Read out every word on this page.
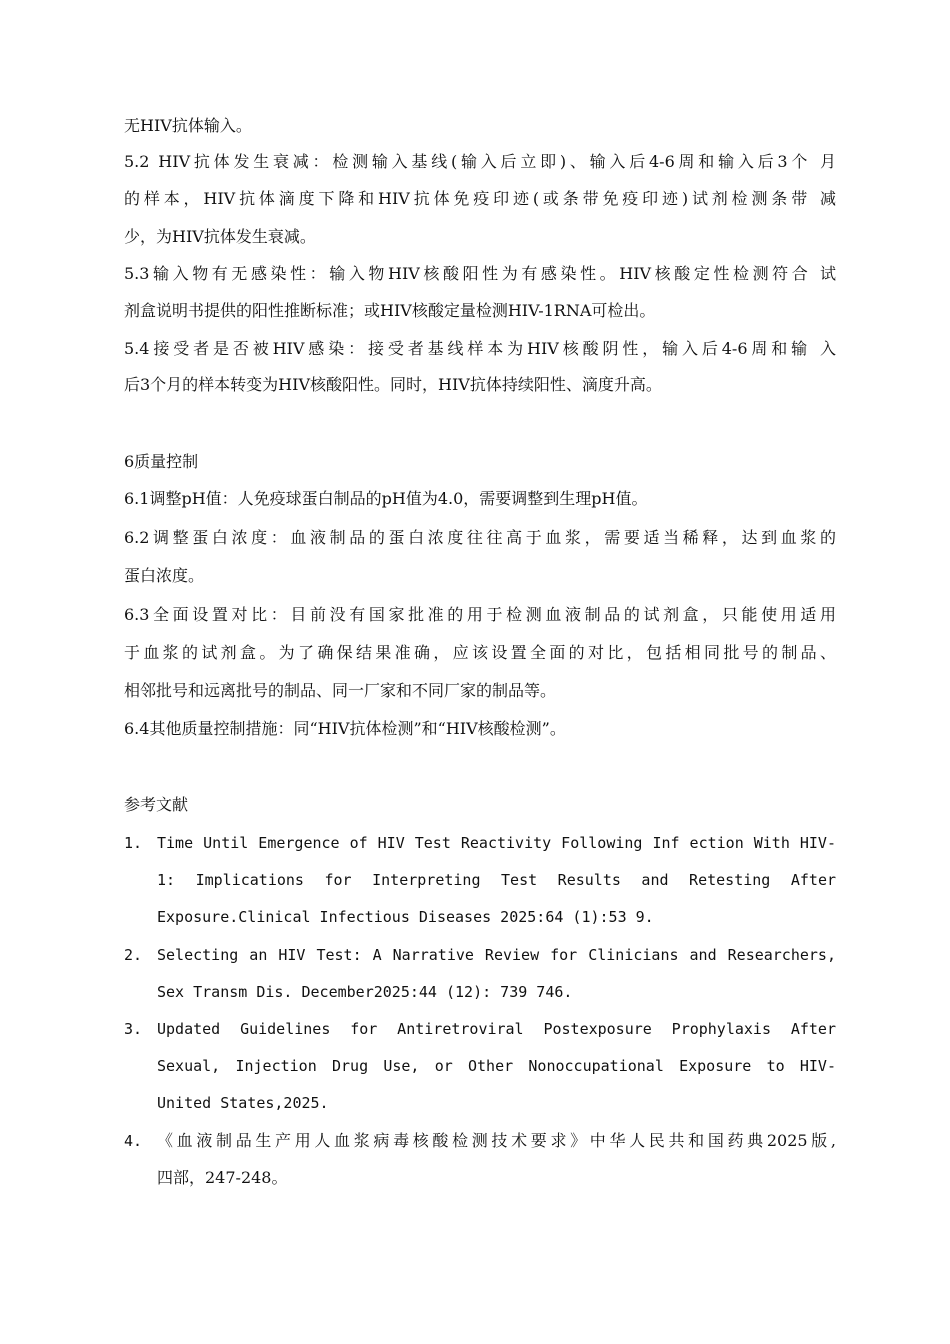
无HIV抗体输入。
5.2 HIV抗体发生衰减：检测输入基线(输入后立即)、输入后4-6周和输入后3个 月
的样本，HIV抗体滴度下降和HIV抗体免疫印迹(或条带免疫印迹)试剂检测条带 减
少，为HIV抗体发生衰减。
5.3输入物有无感染性：输入物HIV核酸阳性为有感染性。HIV核酸定性检测符合 试
剂盒说明书提供的阳性推断标准；或HIV核酸定量检测HIV-1RNA可检出。
5.4接受者是否被HIV感染：接受者基线样本为HIV核酸阴性，输入后4-6周和输 入
后3个月的样本转变为HIV核酸阳性。同时，HIV抗体持续阳性、滴度升高。
6质量控制
6.1调整pH值：人免疫球蛋白制品的pH值为4.0，需要调整到生理pH值。
6.2调整蛋白浓度：血液制品的蛋白浓度往往高于血浆，需要适当稀释，达到血浆的
蛋白浓度。
6.3全面设置对比：目前没有国家批准的用于检测血液制品的试剂盒，只能使用适用
于血浆的试剂盒。为了确保结果准确，应该设置全面的对比，包括相同批号的制品、
相邻批号和远离批号的制品、同一厂家和不同厂家的制品等。
6.4其他质量控制措施：同“HIV抗体检测”和“HIV核酸检测”。
参考文献
1. Time Until Emergence of HIV Test Reactivity Following Inf ection With HIV-
1: Implications for Interpreting Test Results and Retesting After
Exposure.Clinical Infectious Diseases 2025:64 (1):53 9.
2. Selecting an HIV Test: A Narrative Review for Clinicians and Researchers,
Sex Transm Dis. December2025:44 (12): 739 746.
3. Updated Guidelines for Antiretroviral Postexposure Prophylaxis After
Sexual, Injection Drug Use, or Other Nonoccupational Exposure to HIV-
United States,2025.
4. 《血液制品生产用人血浆病毒核酸检测技术要求》中华人民共和国药典2025版,
四部，247-248。
